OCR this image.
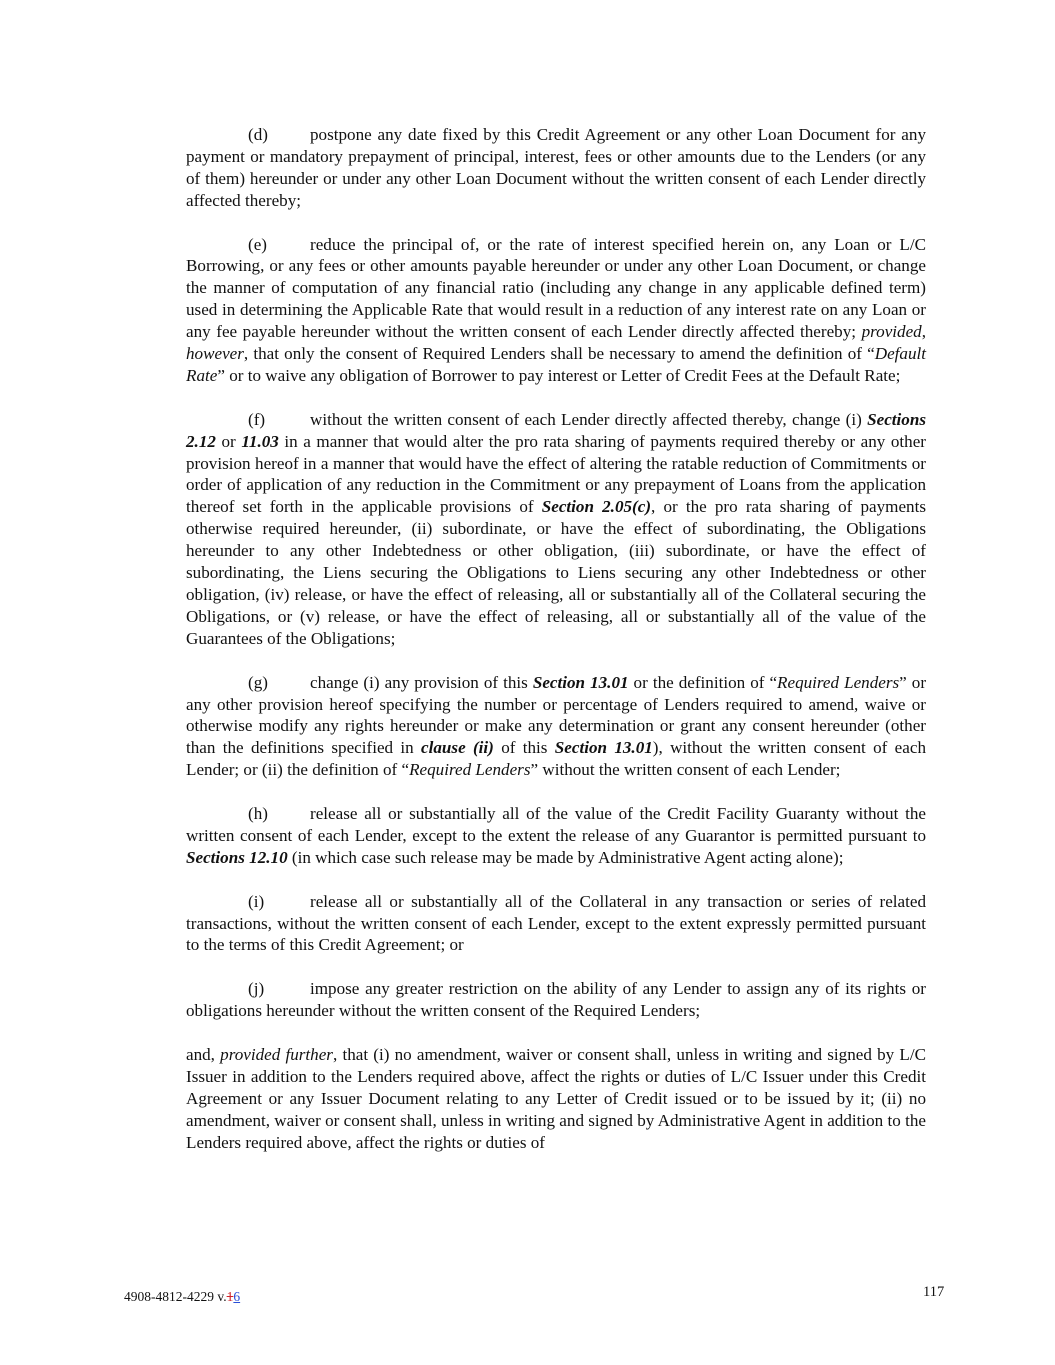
(d) postpone any date fixed by this Credit Agreement or any other Loan Document for any payment or mandatory prepayment of principal, interest, fees or other amounts due to the Lenders (or any of them) hereunder or under any other Loan Document without the written consent of each Lender directly affected thereby;

(e)	reduce the principal of, or the rate of interest specified herein on, any Loan or L/C Borrowing, or any fees or other amounts payable hereunder or under any other Loan Document, or change the manner of computation of any financial ratio (including any change in any applicable defined term) used in determining the Applicable Rate that would result in a reduction of any interest rate on any Loan or any fee payable hereunder without the written consent of each Lender directly affected thereby; provided, however, that only the consent of Required Lenders shall be necessary to amend the definition of “Default Rate” or to waive any obligation of Borrower to pay interest or Letter of Credit Fees at the Default Rate;

(f)	without the written consent of each Lender directly affected thereby, change (i) Sections 2.12 or 11.03 in a manner that would alter the pro rata sharing of payments required thereby or any other provision hereof in a manner that would have the effect of altering the ratable reduction of Commitments or order of application of any reduction in the Commitment or any prepayment of Loans from the application thereof set forth in the applicable provisions of Section 2.05(c), or the pro rata sharing of payments otherwise required hereunder, (ii) subordinate, or have the effect of subordinating, the Obligations hereunder to any other Indebtedness or other obligation, (iii) subordinate, or have the effect of subordinating, the Liens securing the Obligations to Liens securing any other Indebtedness or other obligation, (iv) release, or have the effect of releasing, all or substantially all of the Collateral securing the Obligations, or (v) release, or have the effect of releasing, all or substantially all of the value of the Guarantees of the Obligations;

(g) change (i) any provision of this Section 13.01 or the definition of “Required Lenders” or any other provision hereof specifying the number or percentage of Lenders required to amend, waive or otherwise modify any rights hereunder or make any determination or grant any consent hereunder (other than the definitions specified in clause (ii) of this Section 13.01), without the written consent of each Lender; or (ii) the definition of “Required Lenders” without the written consent of each Lender;

(h) release all or substantially all of the value of the Credit Facility Guaranty without the written consent of each Lender, except to the extent the release of any Guarantor is permitted pursuant to Sections 12.10 (in which case such release may be made by Administrative Agent acting alone);

(i)	release all or substantially all of the Collateral in any transaction or series of related transactions, without the written consent of each Lender, except to the extent expressly permitted pursuant to the terms of this Credit Agreement; or

(j)	impose any greater restriction on the ability of any Lender to assign any of its rights or obligations hereunder without the written consent of the Required Lenders;

and, provided further, that (i) no amendment, waiver or consent shall, unless in writing and signed by L/C Issuer in addition to the Lenders required above, affect the rights or duties of L/C Issuer under this Credit Agreement or any Issuer Document relating to any Letter of Credit issued or to be issued by it; (ii) no amendment, waiver or consent shall, unless in writing and signed by Administrative Agent in addition to the Lenders required above, affect the rights or duties of

4908-4812-4229 v.16	117
